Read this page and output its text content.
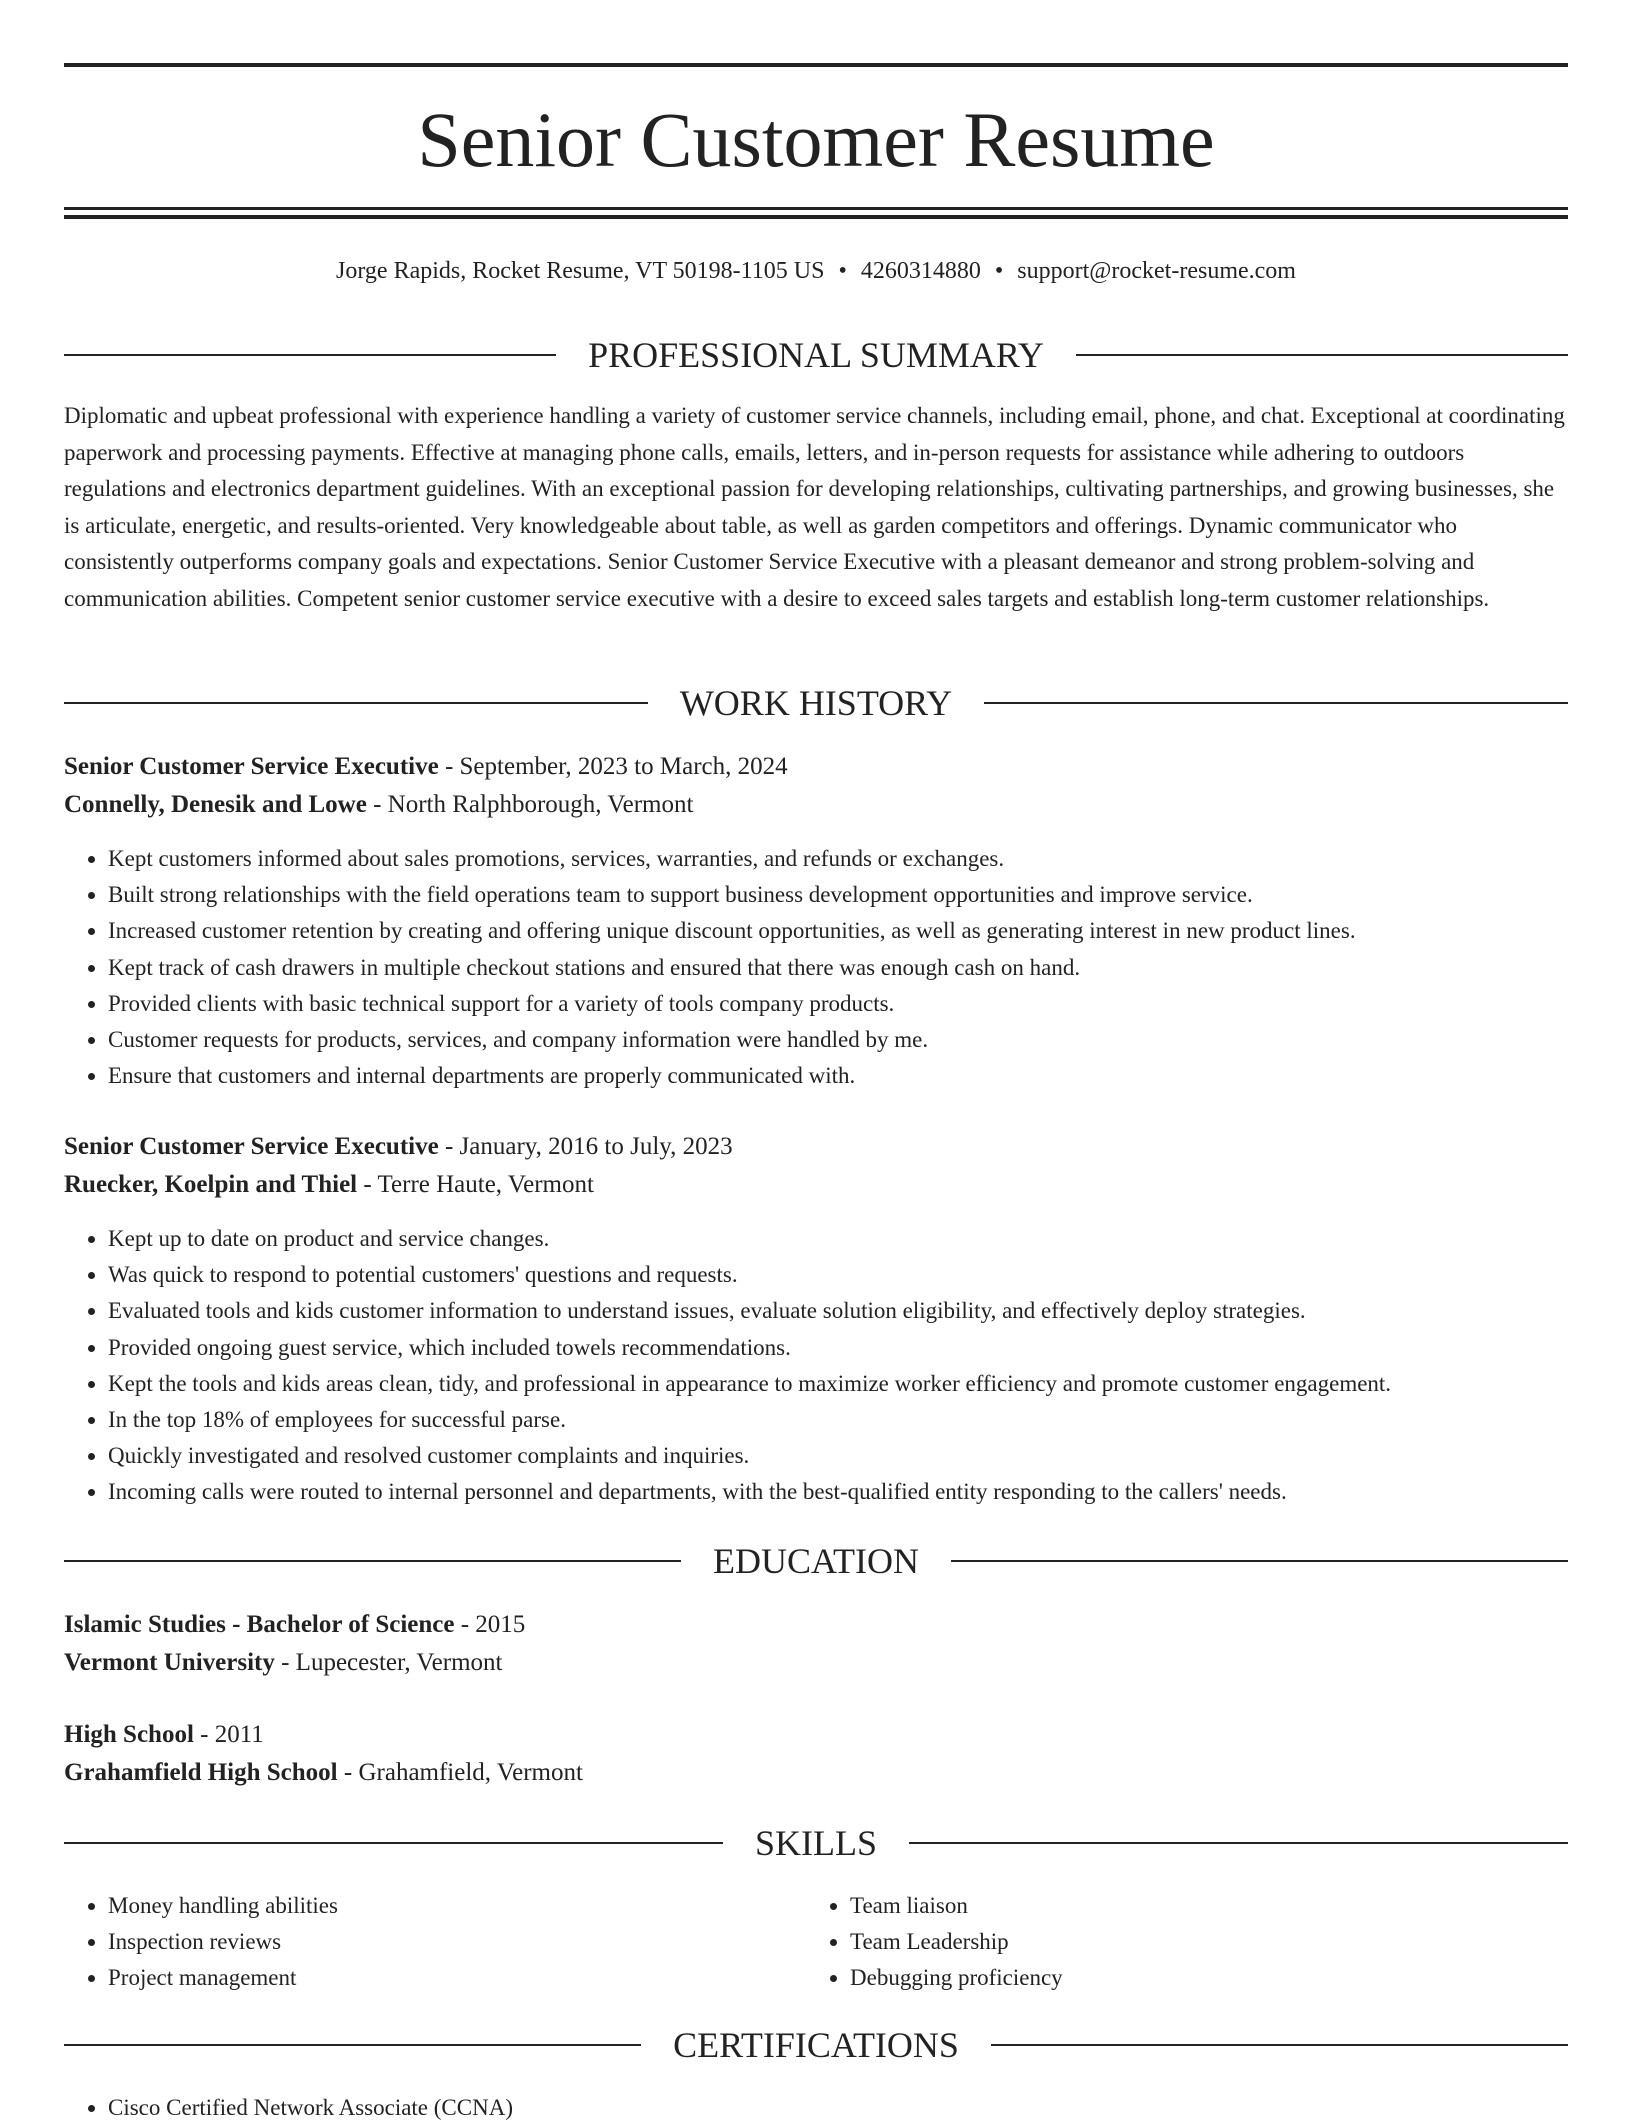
Senior Customer Resume
Jorge Rapids, Rocket Resume, VT 50198-1105 US • 4260314880 • support@rocket-resume.com
PROFESSIONAL SUMMARY

Diplomatic and upbeat professional with experience handling a variety of customer service channels, including email, phone, and chat. Exceptional at coordinating paperwork and processing payments. Effective at managing phone calls, emails, letters, and in-person requests for assistance while adhering to outdoors regulations and electronics department guidelines. With an exceptional passion for developing relationships, cultivating partnerships, and growing businesses, she is articulate, energetic, and results-oriented. Very knowledgeable about table, as well as garden competitors and offerings. Dynamic communicator who consistently outperforms company goals and expectations. Senior Customer Service Executive with a pleasant demeanor and strong problem-solving and communication abilities. Competent senior customer service executive with a desire to exceed sales targets and establish long-term customer relationships.

WORK HISTORY
Senior Customer Service Executive - September, 2023 to March, 2024
Connelly, Denesik and Lowe - North Ralphborough, Vermont
• Kept customers informed about sales promotions, services, warranties, and refunds or exchanges.
• Built strong relationships with the field operations team to support business development opportunities and improve service.
• Increased customer retention by creating and offering unique discount opportunities, as well as generating interest in new product lines.
• Kept track of cash drawers in multiple checkout stations and ensured that there was enough cash on hand.
• Provided clients with basic technical support for a variety of tools company products.
• Customer requests for products, services, and company information were handled by me.
• Ensure that customers and internal departments are properly communicated with.
Senior Customer Service Executive - January, 2016 to July, 2023
Ruecker, Koelpin and Thiel - Terre Haute, Vermont
• Kept up to date on product and service changes.
• Was quick to respond to potential customers' questions and requests.
• Evaluated tools and kids customer information to understand issues, evaluate solution eligibility, and effectively deploy strategies.
• Provided ongoing guest service, which included towels recommendations.
• Kept the tools and kids areas clean, tidy, and professional in appearance to maximize worker efficiency and promote customer engagement.
• In the top 18% of employees for successful parse.
• Quickly investigated and resolved customer complaints and inquiries.
• Incoming calls were routed to internal personnel and departments, with the best-qualified entity responding to the callers' needs.
EDUCATION
Islamic Studies - Bachelor of Science - 2015
Vermont University - Lupecester, Vermont
High School - 2011
Grahamfield High School - Grahamfield, Vermont
SKILLS
• Money handling abilities
• Inspection reviews
• Project management
• Team liaison
• Team Leadership
• Debugging proficiency
CERTIFICATIONS
• Cisco Certified Network Associate (CCNA)
